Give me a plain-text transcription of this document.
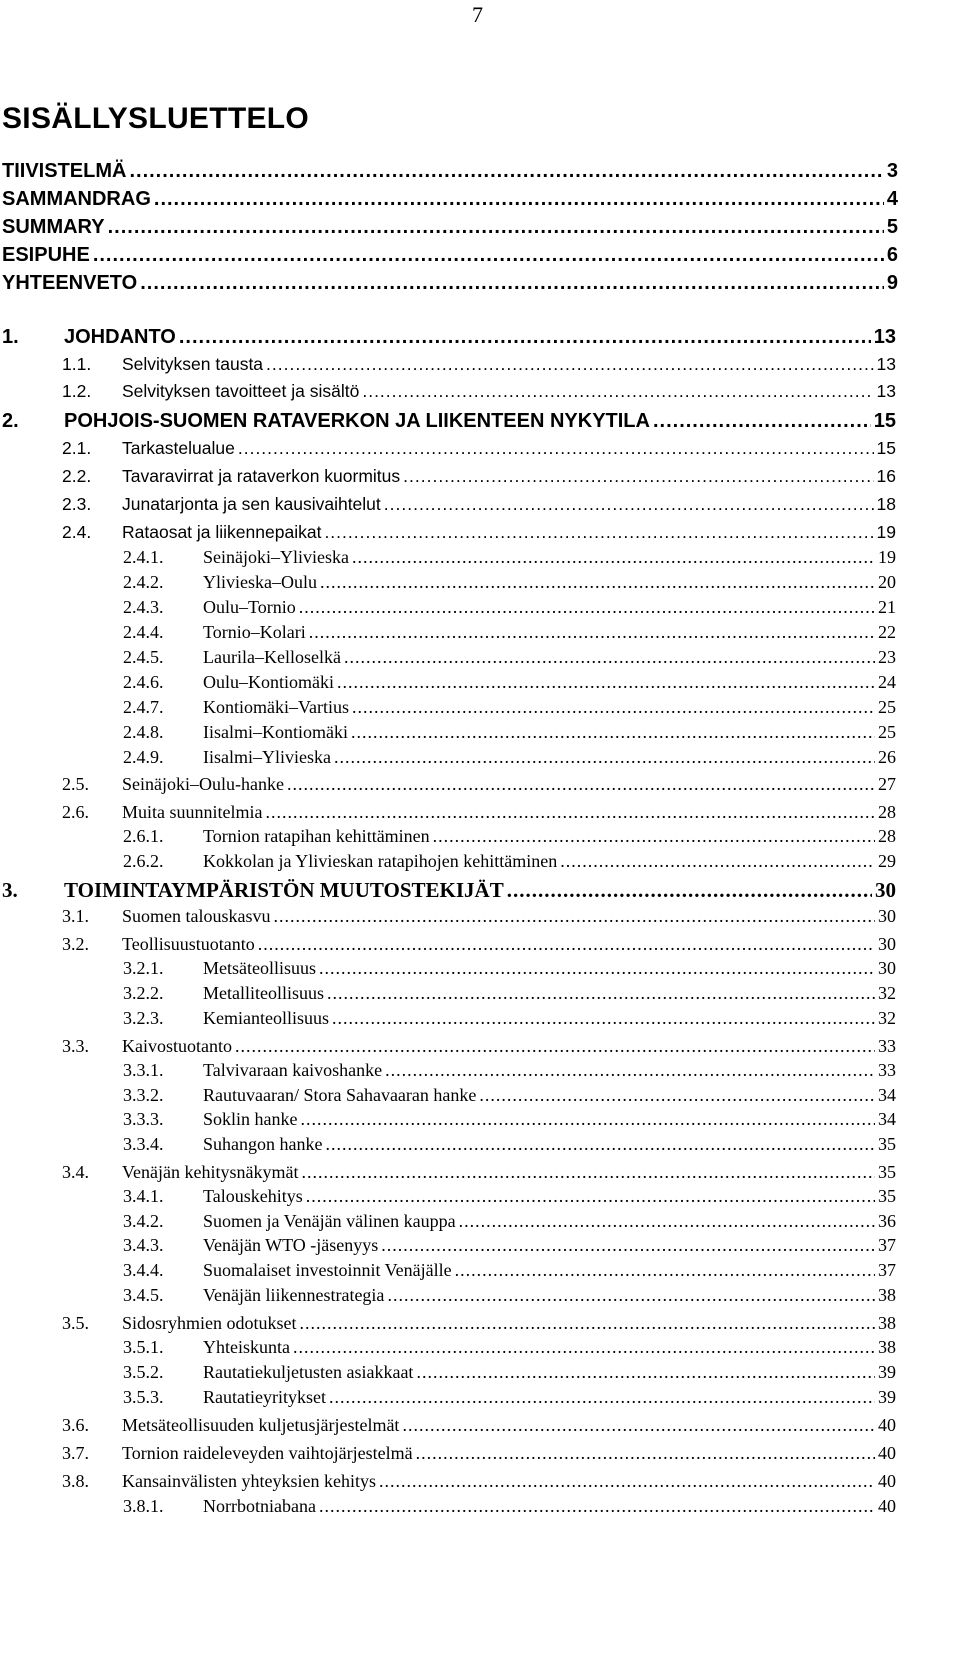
7
SISÄLLYSLUETTELO
TIIVISTELMÄ .....	3
SAMMANDRAG .....	4
SUMMARY .....	5
ESIPUHE .....	6
YHTEENVETO .....	9
1.	JOHDANTO .....	13
1.1.	Selvityksen tausta .....	13
1.2.	Selvityksen tavoitteet ja sisältö .....	13
2.	POHJOIS-SUOMEN RATAVERKON JA LIIKENTEEN NYKYTILA .....	15
2.1.	Tarkastelualue .....	15
2.2.	Tavaravirrat ja rataverkon kuormitus .....	16
2.3.	Junatarjonta ja sen kausivaihtelut .....	18
2.4.	Rataosat ja liikennepaikat .....	19
2.4.1.	Seinäjoki–Ylivieska .....	19
2.4.2.	Ylivieska–Oulu .....	20
2.4.3.	Oulu–Tornio .....	21
2.4.4.	Tornio–Kolari .....	22
2.4.5.	Laurila–Kelloselkä .....	23
2.4.6.	Oulu–Kontiomäki .....	24
2.4.7.	Kontiomäki–Vartius .....	25
2.4.8.	Iisalmi–Kontiomäki .....	25
2.4.9.	Iisalmi–Ylivieska .....	26
2.5.	Seinäjoki–Oulu-hanke .....	27
2.6.	Muita suunnitelmia .....	28
2.6.1.	Tornion ratapihan kehittäminen .....	28
2.6.2.	Kokkolan ja Ylivieskan ratapihojen kehittäminen .....	29
3.	TOIMINTAYMPÄRISTÖN MUUTOSTEKIJÄT .....	30
3.1.	Suomen talouskasvu .....	30
3.2.	Teollisuustuotanto .....	30
3.2.1.	Metsäteollisuus .....	30
3.2.2.	Metalliteollisuus .....	32
3.2.3.	Kemianteollisuus .....	32
3.3.	Kaivostuotanto .....	33
3.3.1.	Talvivaraan kaivoshanke .....	33
3.3.2.	Rautuvaaran/ Stora Sahavaaran hanke .....	34
3.3.3.	Soklin hanke .....	34
3.3.4.	Suhangon hanke .....	35
3.4.	Venäjän kehitysnäkymät .....	35
3.4.1.	Talouskehitys .....	35
3.4.2.	Suomen ja Venäjän välinen kauppa .....	36
3.4.3.	Venäjän WTO -jäsenyys .....	37
3.4.4.	Suomalaiset investoinnit Venäjälle .....	37
3.4.5.	Venäjän liikennestrategia .....	38
3.5.	Sidosryhmien odotukset .....	38
3.5.1.	Yhteiskunta .....	38
3.5.2.	Rautatiekuljetusten asiakkaat .....	39
3.5.3.	Rautatieyritykset .....	39
3.6.	Metsäteollisuuden kuljetusjärjestelmät .....	40
3.7.	Tornion raideleveyden vaihtojärjestelmä .....	40
3.8.	Kansainvälisten yhteyksien kehitys .....	40
3.8.1.	Norrbotniabana .....	40
